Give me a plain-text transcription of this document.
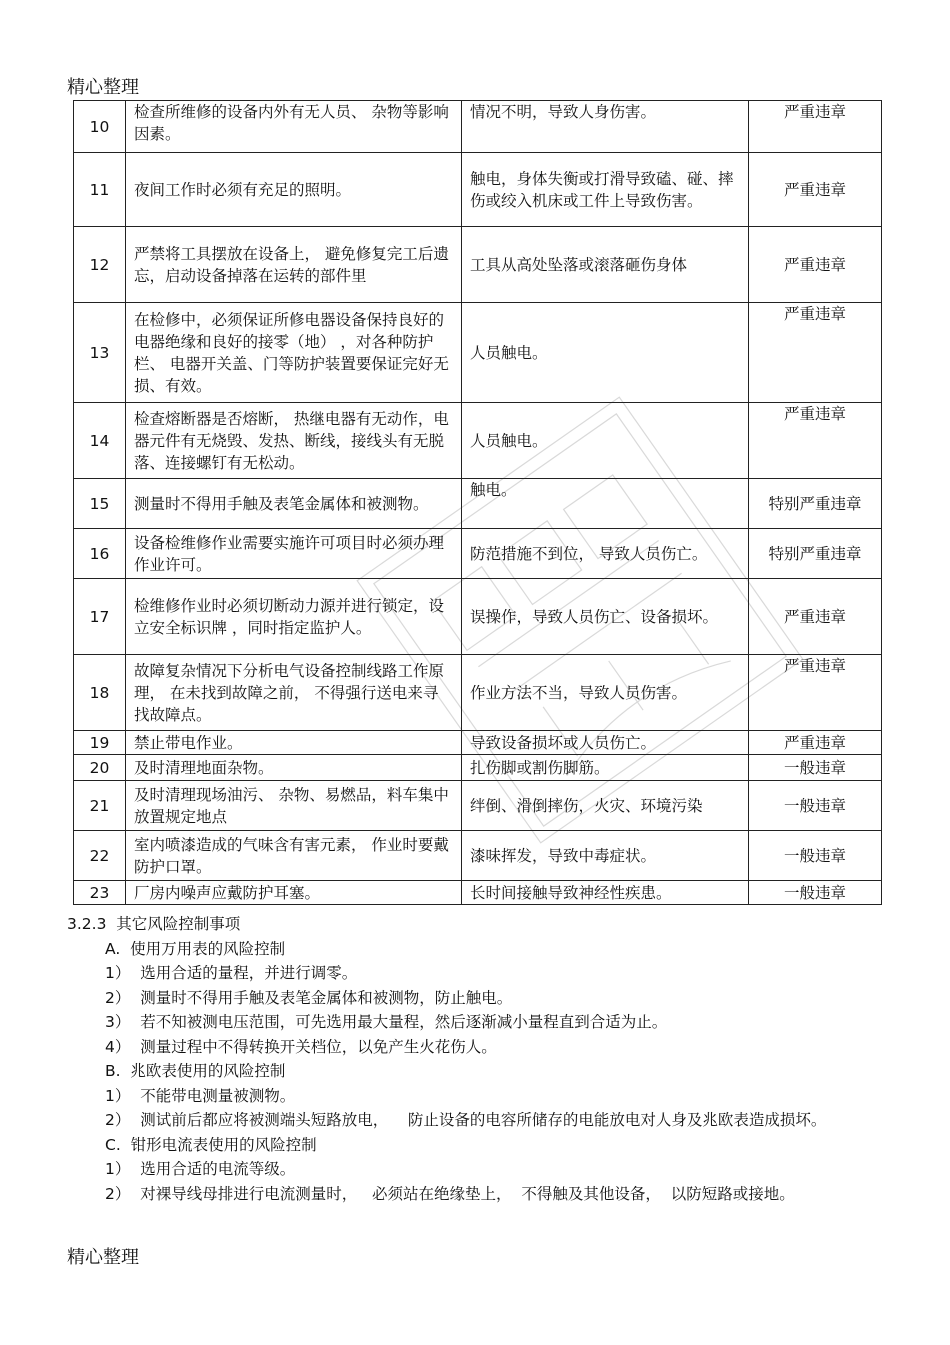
精心整理
10	检查所维修的设备内外有无人员、 杂物等影响因素。	情况不明，导致人身伤害。	严重违章
11	夜间工作时必须有充足的照明。	触电，身体失衡或打滑导致磕、碰、摔伤或绞入机床或工件上导致伤害。	严重违章
12	严禁将工具摆放在设备上， 避免修复完工后遗忘，启动设备掉落在运转的部件里	工具从高处坠落或滚落砸伤身体	严重违章
13	在检修中，必须保证所修电器设备保持良好的电器绝缘和良好的接零（地） ，对各种防护栏、 电器开关盖、门等防护装置要保证完好无损、有效。	人员触电。	严重违章
14	检查熔断器是否熔断， 热继电器有无动作，电器元件有无烧毁、发热、断线，接线头有无脱落、连接螺钉有无松动。	人员触电。	严重违章
15	测量时不得用手触及表笔金属体和被测物。	触电。	特别严重违章
16	设备检维修作业需要实施许可项目时必须办理作业许可。	防范措施不到位， 导致人员伤亡。	特别严重违章
17	检维修作业时必须切断动力源并进行锁定，设立安全标识牌 ，同时指定监护人。	误操作，导致人员伤亡、设备损坏。	严重违章
18	故障复杂情况下分析电气设备控制线路工作原理， 在未找到故障之前， 不得强行送电来寻找故障点。	作业方法不当，导致人员伤害。	严重违章
19	禁止带电作业。	导致设备损坏或人员伤亡。	严重违章
20	及时清理地面杂物。	扎伤脚或割伤脚筋。	一般违章
21	及时清理现场油污、 杂物、易燃品，料车集中放置规定地点	绊倒、滑倒摔伤，火灾、环境污染	一般违章
22	室内喷漆造成的气味含有害元素， 作业时要戴防护口罩。	漆味挥发，导致中毒症状。	一般违章
23	厂房内噪声应戴防护耳塞。	长时间接触导致神经性疾患。	一般违章

3.2.3  其它风险控制事项

A.  使用万用表的风险控制

1）  选用合适的量程，并进行调零。

2）  测量时不得用手触及表笔金属体和被测物，防止触电。

3）  若不知被测电压范围，可先选用最大量程，然后逐渐减小量程直到合适为止。

4）  测量过程中不得转换开关档位，以免产生火花伤人。

B.  兆欧表使用的风险控制

1）  不能带电测量被测物。

2）  测试前后都应将被测端头短路放电，    防止设备的电容所储存的电能放电对人身及兆欧表造成损坏。

C.  钳形电流表使用的风险控制

1）  选用合适的电流等级。

2）  对裸导线母排进行电流测量时，   必须站在绝缘垫上，  不得触及其他设备，  以防短路或接地。

精心整理
